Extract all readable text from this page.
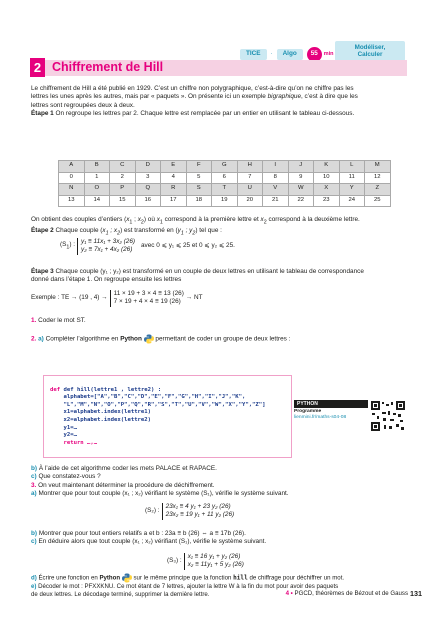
TICE	·	Algo	55 min
Modéliser,
Calculer
2 Chiffrement de Hill
Le chiffrement de Hill a été publié en 1929. C’est un chiffre non polygraphique, c’est-à-dire qu’on ne chiffre pas les
lettres les unes après les autres, mais par « paquets ». On présente ici un exemple bigraphique, c’est à dire que les
lettres sont regroupées deux à deux.
Étape 1 On regroupe les lettres par 2. Chaque lettre est remplacée par un entier en utilisant le tableau ci-dessous.
A	B	C	D	E	F	G	H	I	J	K	L	M
0	1	2	3	4	5	6	7	8	9	10	11	12
N	O	P	Q	R	S	T	U	V	W	X	Y	Z
13	14	15	16	17	18	19	20	21	22	23	24	25
On obtient des couples d’entiers ($x_1$ ; $x_2$) où $x_1$ correspond à la première lettre et $x_2$ correspond à la deuxième lettre.
Étape 2 Chaque couple ($x_1$ ; $x_2$) est transformé en ($y_1$ ; $y_2$) tel que :
$(S_1)$ : y₁ ≡ 11x₁ + 3x₂ (26)
y₂ ≡ 7x₁ + 4x₂ (26)
avec 0 ⩽ y₁ ⩽ 25 et 0 ⩽ y₂ ⩽ 25.
Étape 3 Chaque couple (y₁ ; y₂) est transformé en un couple de deux lettres en utilisant le tableau de correspondance
donné dans l’étape 1. On regroupe ensuite les lettres
Exemple : TE → (19 , 4) →
11 × 19 + 3 × 4 ≡ 13 (26)
7 × 19 + 4 × 4 ≡ 19 (26)
→ NT
1. Coder le mot ST.
2. a) Compléter l’algorithme en Python  permettant de coder un groupe de deux lettres :

def def hill(lettre1 , lettre2) :
alphabet=["A","B","C","D","E","F","G","H","I","J","K",
"L","M","N","O","P","Q","R","S","T","U","V","W","X","Y","Z"]
x1=alphabet.index(lettre1)
x2=alphabet.index(lettre2)
y1=…
y2=…
return …,…

PYTHON
Programme
lienmini.fr/maths-s04-08
b) À l’aide de cet algorithme coder les mets PALACE et RAPACE.
c) Que constatez-vous ?
3. On veut maintenant déterminer la procédure de déchiffrement.
a) Montrer que pour tout couple (x₁ ; x₂) vérifiant le système (S₁), vérifie le système suivant.
(S₂) :
23x₁ ≡ 4 y₁ + 23 y₂ (26)
23x₂ ≡ 19 y₁ + 11 y₂ (26)
b) Montrer que pour tout entiers relatifs a et b : 23a ≡ b (26) ⇔ a ≡ 17b (26).
c) En déduire alors que tout couple (x₁ ; x₂) vérifiant (S₁), vérifie le système suivant.
(S₃) :
x₁ ≡ 16 y₁ + y₂ (26)
x₂ ≡ 11y₁ + 5 y₂ (26)
d) Écrire une fonction en Python  sur le même principe que la fonction hill de chiffrage pour déchiffrer un mot.
e) Décoder le mot : PFXXKNU. Ce mot étant de 7 lettres, ajouter la lettre W à la fin du mot pour avoir des paquets
de deux lettres. Le décodage terminé, supprimer la dernière lettre.	4 • PGCD, théorèmes de Bézout et de Gauss 131
